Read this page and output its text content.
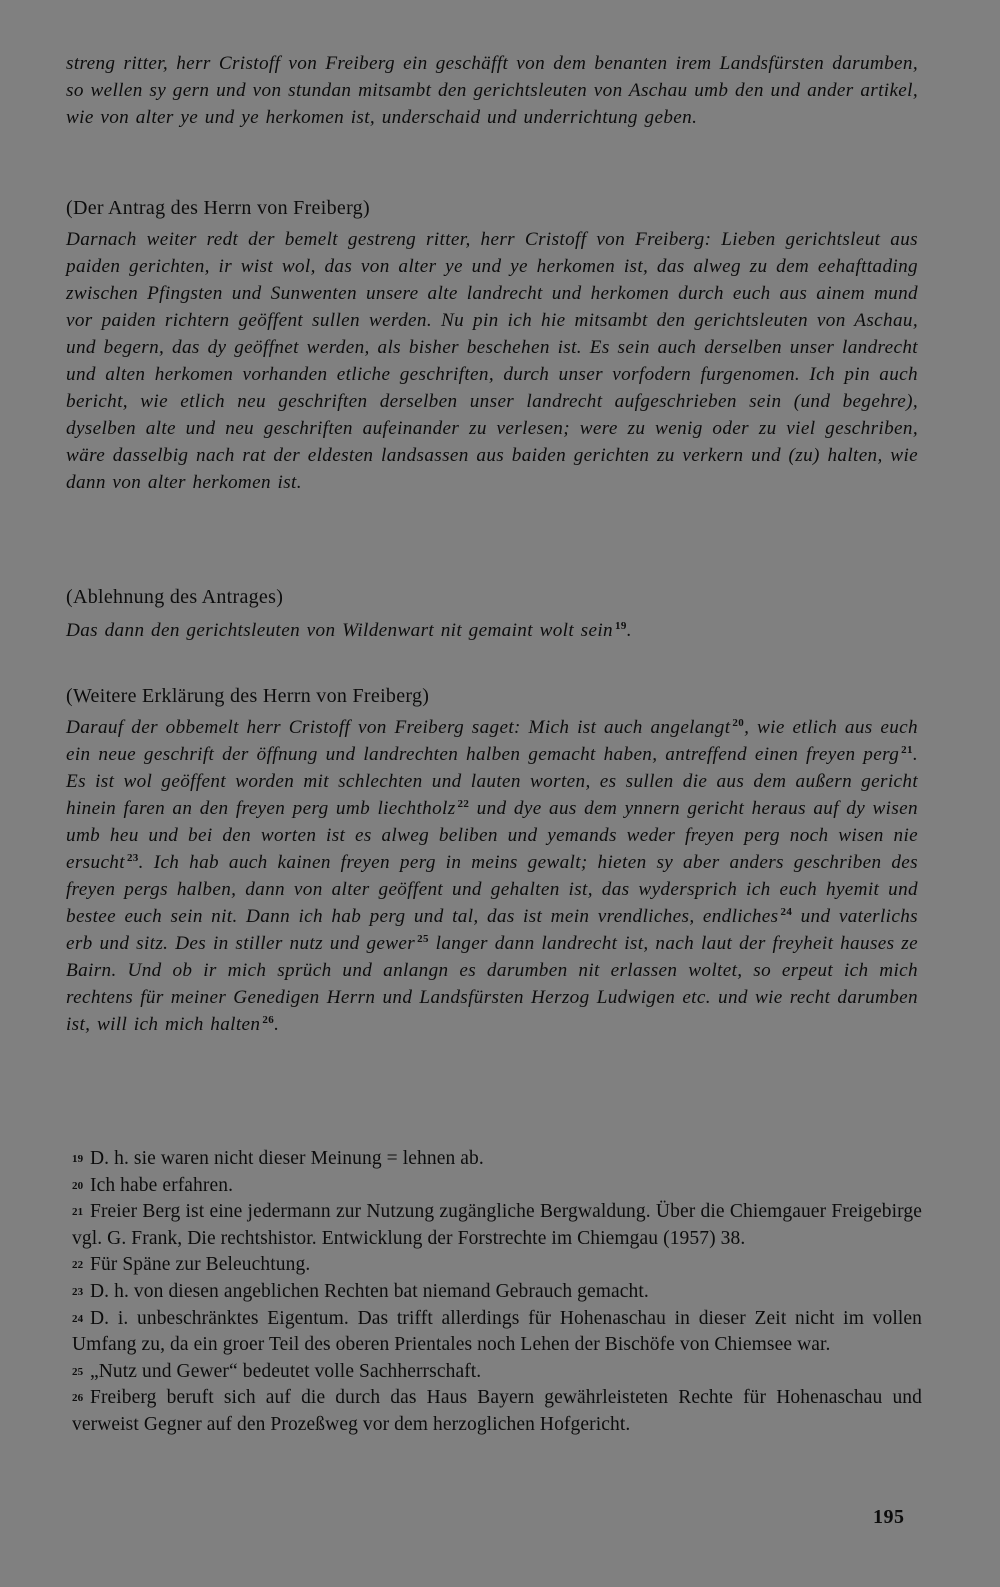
streng ritter, herr Cristoff von Freiberg ein geschäfft von dem benanten irem Landsfürsten darumben, so wellen sy gern und von stundan mitsambt den gerichtsleuten von Aschau umb den und ander artikel, wie von alter ye und ye herkomen ist, underschaid und underrichtung geben.

(Der Antrag des Herrn von Freiberg)

Darnach weiter redt der bemelt gestreng ritter, herr Cristoff von Freiberg: Lieben gerichtsleut aus paiden gerichten, ir wist wol, das von alter ye und ye herkomen ist, das alweg zu dem eehafttading zwischen Pfingsten und Sunwenten unsere alte landrecht und herkomen durch euch aus ainem mund vor paiden richtern geöffent sullen werden. Nu pin ich hie mitsambt den gerichtsleuten von Aschau, und begern, das dy geöffnet werden, als bisher beschehen ist. Es sein auch derselben unser landrecht und alten herkomen vorhanden etliche geschriften, durch unser vorfodern furgenomen. Ich pin auch bericht, wie etlich neu geschriften derselben unser landrecht aufgeschrieben sein (und begehre), dyselben alte und neu geschriften aufeinander zu verlesen; were zu wenig oder zu viel geschriben, wäre dasselbig nach rat der eldesten landsassen aus baiden gerichten zu verkern und (zu) halten, wie dann von alter herkomen ist.

(Ablehnung des Antrages)

Das dann den gerichtsleuten von Wildenwart nit gemaint wolt sein $^{19}$.

(Weitere Erklärung des Herrn von Freiberg)

Darauf der obbemelt herr Cristoff von Freiberg saget: Mich ist auch angelangt $^{20}$, wie etlich aus euch ein neue geschrift der öffnung und landrechten halben gemacht haben, antreffend einen freyen perg $^{21}$. Es ist wol geöffent worden mit schlechten und lauten worten, es sullen die aus dem außern gericht hinein faren an den freyen perg umb liechtholz $^{22}$ und dye aus dem ynnern gericht heraus auf dy wisen umb heu und bei den worten ist es alweg beliben und yemands weder freyen perg noch wisen nie ersucht $^{23}$. Ich hab auch kainen freyen perg in meins gewalt; hieten sy aber anders geschriben des freyen pergs halben, dann von alter geöffent und gehalten ist, das wydersprich ich euch hyemit und bestee euch sein nit. Dann ich hab perg und tal, das ist mein vrendliches, endliches $^{24}$ und vaterlichs erb und sitz. Des in stiller nutz und gewer $^{25}$ langer dann landrecht ist, nach laut der freyheit hauses ze Bairn. Und ob ir mich sprüch und anlangn es darumben nit erlassen woltet, so erpeut ich mich rechtens für meiner Genedigen Herrn und Landsfürsten Herzog Ludwigen etc. und wie recht darumben ist, will ich mich halten $^{26}$.

19 D. h. sie waren nicht dieser Meinung = lehnen ab.

20 Ich habe erfahren.

21 Freier Berg ist eine jedermann zur Nutzung zugängliche Bergwaldung. Über die Chiemgauer Freigebirge vgl. G. Frank, Die rechtshistor. Entwicklung der Forstrechte im Chiemgau (1957) 38.

22 Für Späne zur Beleuchtung.

23 D. h. von diesen angeblichen Rechten bat niemand Gebrauch gemacht.

24 D. i. unbeschränktes Eigentum. Das trifft allerdings für Hohenaschau in dieser Zeit nicht im vollen Umfang zu, da ein groer Teil des oberen Prientales noch Lehen der Bischöfe von Chiemsee war.

25 „Nutz und Gewer“ bedeutet volle Sachherrschaft.

26 Freiberg beruft sich auf die durch das Haus Bayern gewährleisteten Rechte für Hohenaschau und verweist Gegner auf den Prozeßweg vor dem herzoglichen Hofgericht.

195
